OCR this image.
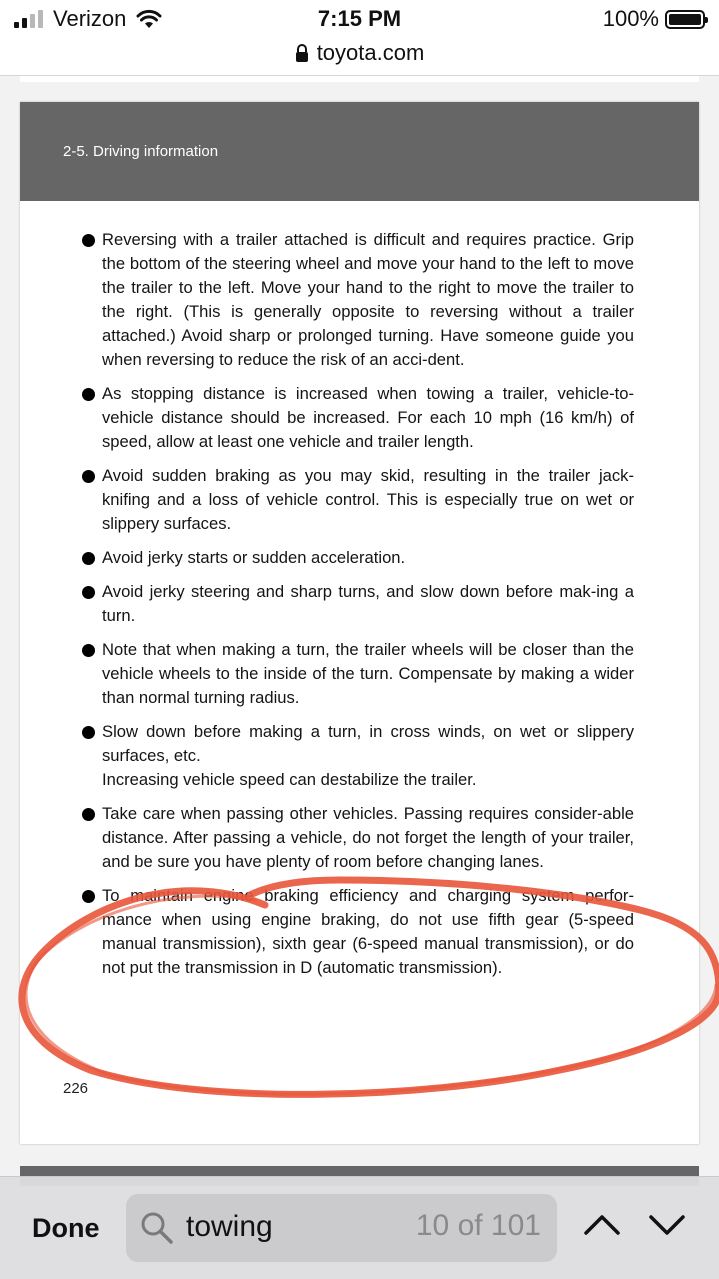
Verizon	7:15 PM	100%
toyota.com
2-5. Driving information
Reversing with a trailer attached is difficult and requires practice. Grip the bottom of the steering wheel and move your hand to the left to move the trailer to the left. Move your hand to the right to move the trailer to the right. (This is generally opposite to reversing without a trailer attached.) Avoid sharp or prolonged turning. Have someone guide you when reversing to reduce the risk of an acci-dent.
As stopping distance is increased when towing a trailer, vehicle-to-vehicle distance should be increased. For each 10 mph (16 km/h) of speed, allow at least one vehicle and trailer length.
Avoid sudden braking as you may skid, resulting in the trailer jack-knifing and a loss of vehicle control. This is especially true on wet or slippery surfaces.
Avoid jerky starts or sudden acceleration.
Avoid jerky steering and sharp turns, and slow down before mak-ing a turn.
Note that when making a turn, the trailer wheels will be closer than the vehicle wheels to the inside of the turn. Compensate by making a wider than normal turning radius.
Slow down before making a turn, in cross winds, on wet or slippery surfaces, etc.
Increasing vehicle speed can destabilize the trailer.
Take care when passing other vehicles. Passing requires consider-able distance. After passing a vehicle, do not forget the length of your trailer, and be sure you have plenty of room before changing lanes.
To maintain engine braking efficiency and charging system perfor-mance when using engine braking, do not use fifth gear (5-speed manual transmission), sixth gear (6-speed manual transmission), or do not put the transmission in D (automatic transmission).
226
Done	towing	10 of 101
